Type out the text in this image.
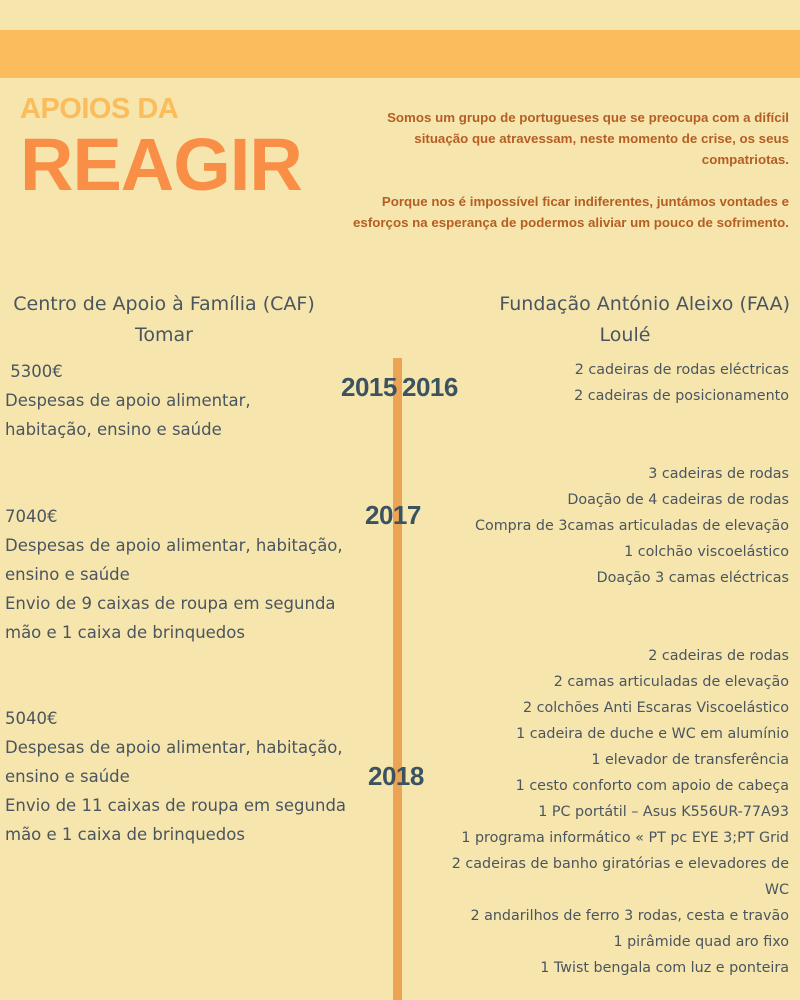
APOIOS DA
REAGIR

Somos um grupo de portugueses que se preocupa com a difícil situação que atravessam, neste momento de crise, os seus compatriotas.

Porque nos é impossível ficar indiferentes, juntámos vontades e esforços na esperança de podermos aliviar um pouco de sofrimento.

Centro de Apoio à Família (CAF)
Tomar
Fundação António Aleixo (FAA)
Loulé
2015 2016
2017
2018
5300€
Despesas de apoio alimentar,
habitação, ensino e saúde
7040€
Despesas de apoio alimentar, habitação,
ensino e saúde
Envio de 9 caixas de roupa em segunda
mão e 1 caixa de brinquedos
5040€
Despesas de apoio alimentar, habitação,
ensino e saúde
Envio de 11 caixas de roupa em segunda
mão e 1 caixa de brinquedos
2 cadeiras de rodas eléctricas
2 cadeiras de posicionamento
3 cadeiras de rodas
Doação de 4 cadeiras de rodas
Compra de 3camas articuladas de elevação
1 colchão viscoelástico
Doação 3 camas eléctricas
2 cadeiras de rodas
2 camas articuladas de elevação
2 colchões Anti Escaras Viscoelástico
1 cadeira de duche e WC em alumínio
1 elevador de transferência
1 cesto conforto com apoio de cabeça
1 PC portátil – Asus K556UR-77A93
1 programa informático « PT pc EYE 3;PT Grid
2 cadeiras de banho giratórias e elevadores de
WC
2 andarilhos de ferro 3 rodas, cesta e travão
1 pirâmide quad aro fixo
1 Twist bengala com luz e ponteira
